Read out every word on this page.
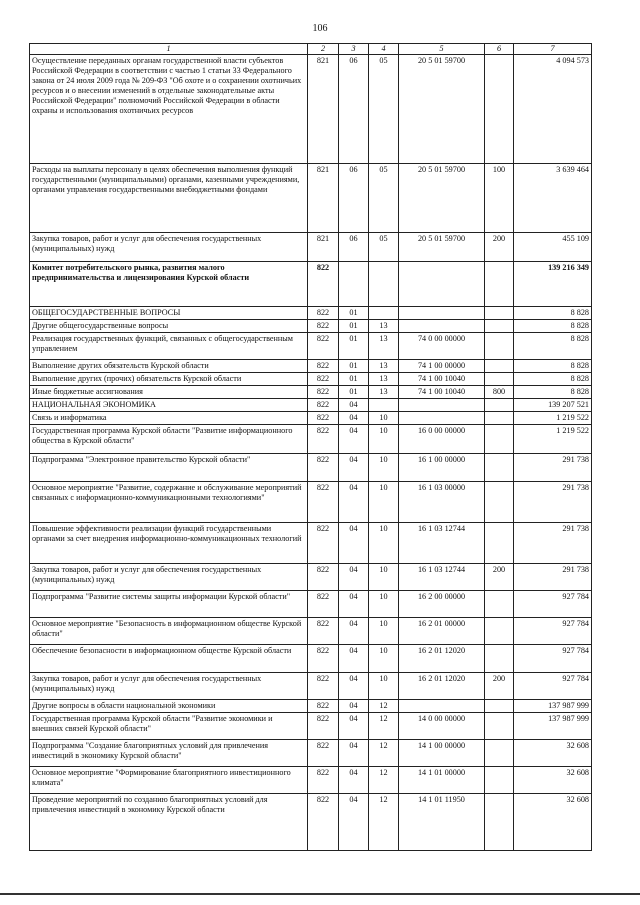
106
1	2	3	4	5	6	7
Осуществление переданных органам государственной власти субъектов Российской Федерации в соответствии с частью 1 статьи 33 Федерального закона от 24 июля 2009 года № 209-ФЗ "Об охоте и о сохранении охотничьих ресурсов и о внесении изменений в отдельные законодательные акты Российской Федерации" полномочий Российской Федерации в области охраны и использования охотничьих ресурсов	821	06	05	20 5 01 59700		4 094 573
Расходы на выплаты персоналу в целях обеспечения выполнения функций государственными (муниципальными) органами, казенными учреждениями, органами управления государственными внебюджетными фондами	821	06	05	20 5 01 59700	100	3 639 464
Закупка товаров, работ и услуг для обеспечения государственных (муниципальных) нужд	821	06	05	20 5 01 59700	200	455 109
Комитет потребительского рынка, развития малого предпринимательства и лицензирования Курской области	822					139 216 349
ОБЩЕГОСУДАРСТВЕННЫЕ ВОПРОСЫ	822	01				8 828
Другие общегосударственные вопросы	822	01	13			8 828
Реализация государственных функций, связанных с общегосударственным управлением	822	01	13	74 0 00 00000		8 828
Выполнение других обязательств Курской области	822	01	13	74 1 00 00000		8 828
Выполнение других (прочих) обязательств Курской области	822	01	13	74 1 00 10040		8 828
Иные бюджетные ассигнования	822	01	13	74 1 00 10040	800	8 828
НАЦИОНАЛЬНАЯ ЭКОНОМИКА	822	04				139 207 521
Связь и информатика	822	04	10			1 219 522
Государственная программа Курской области "Развитие информационного общества в Курской области"	822	04	10	16 0 00 00000		1 219 522
Подпрограмма "Электронное правительство Курской области"	822	04	10	16 1 00 00000		291 738
Основное мероприятие "Развитие, содержание и обслуживание мероприятий связанных с информационно-коммуникационными технологиями"	822	04	10	16 1 03 00000		291 738
Повышение эффективности реализации функций государственными органами за счет внедрения информационно-коммуникационных технологий	822	04	10	16 1 03 12744		291 738
Закупка товаров, работ и услуг для обеспечения государственных (муниципальных) нужд	822	04	10	16 1 03 12744	200	291 738
Подпрограмма "Развитие системы защиты информации Курской области"	822	04	10	16 2 00 00000		927 784
Основное мероприятие "Безопасность в информационном обществе Курской области"	822	04	10	16 2 01 00000		927 784
Обеспечение безопасности в информационном обществе Курской области	822	04	10	16 2 01 12020		927 784
Закупка товаров, работ и услуг для обеспечения государственных (муниципальных) нужд	822	04	10	16 2 01 12020	200	927 784
Другие вопросы в области национальной экономики	822	04	12			137 987 999
Государственная программа Курской области "Развитие экономики и внешних связей Курской области"	822	04	12	14 0 00 00000		137 987 999
Подпрограмма "Создание благоприятных условий для привлечения инвестиций в экономику Курской области"	822	04	12	14 1 00 00000		32 608
Основное мероприятие "Формирование благоприятного инвестиционного климата"	822	04	12	14 1 01 00000		32 608
Проведение мероприятий по созданию благоприятных условий для привлечения инвестиций в экономику Курской области	822	04	12	14 1 01 11950		32 608
